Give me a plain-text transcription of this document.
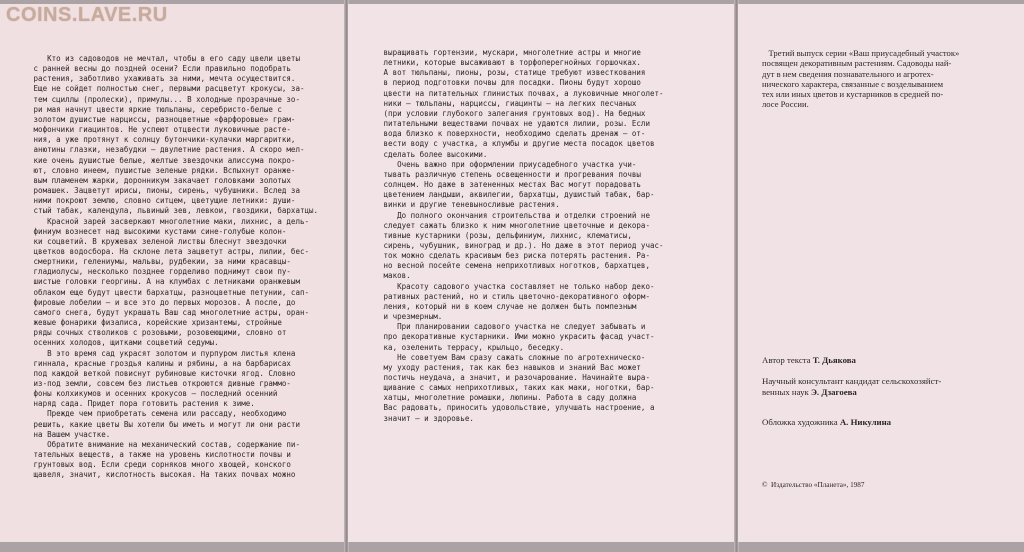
Кто из садоводов не мечтал, чтобы в его саду цвели цветы
с ранней весны до поздней осени? Если правильно подобрать
растения, заботливо ухаживать за ними, мечта осуществится.
Еще не сойдет полностью снег, первыми расцветут крокусы, за-
тем сциллы (пролески), примулы... В холодные прозрачные зо-
ри мая начнут цвести яркие тюльпаны, серебристо-белые с
золотом душистые нарциссы, разноцветные «фарфоровые» грам-
мофончики гиацинтов. Не успеют отцвести луковичные расте-
ния, а уже протянут к солнцу бутончики-кулачки маргаритки,
анютины глазки, незабудки — двулетние растения. А скоро мел-
кие очень душистые белые, желтые звездочки алиссума покро-
ют, словно инеем, пушистые зеленые рядки. Вспыхнут оранже-
вым пламенем жарки, доронникум закачает головками золотых
ромашек. Зацветут ирисы, пионы, сирень, чубушники. Вслед за
ними покроют землю, словно ситцем, цветущие летники: души-
стый табак, календула, львиный зев, левкои, гвоздики, бархатцы.
Красной зарей засверкают многолетние маки, лихнис, а дель-
финиум вознесет над высокими кустами сине-голубые колон-
ки соцветий. В кружевах зеленой листвы блеснут звездочки
цветков водосбора. На склоне лета зацветут астры, лилии, бес-
смертники, гелениумы, мальвы, рудбекии, за ними красавцы-
гладиолусы, несколько позднее горделиво поднимут свои пу-
шистые головки георгины. А на клумбах с летниками оранжевым
облаком еще будут цвести бархатцы, разноцветные петунии, сап-
фировые лобелии — и все это до первых морозов. А после, до
самого снега, будут украшать Ваш сад многолетние астры, оран-
жевые фонарики физалиса, корейские хризантемы, стройные
ряды сочных стволиков с розовыми, розовеющими, словно от
осенних холодов, щитками соцветий седумы.
В это время сад украсят золотом и пурпуром листья клена
гиннала, красные гроздья калины и рябины, а на барбарисах
под каждой веткой повиснут рубиновые кисточки ягод. Словно
из-под земли, совсем без листьев откроются дивные граммо-
фоны колхикумов и осенних крокусов — последний осенний
наряд сада. Придет пора готовить растения к зиме.
Прежде чем приобретать семена или рассаду, необходимо
решить, какие цветы Вы хотели бы иметь и могут ли они расти
на Вашем участке.
Обратите внимание на механический состав, содержание пи-
тательных веществ, а также на уровень кислотности почвы и
грунтовых вод. Если среди сорняков много хвощей, конского
щавеля, значит, кислотность высокая. На таких почвах можно
выращивать гортензии, мускари, многолетние астры и многие
летники, которые высаживают в торфоперегнойных горшочках.
А вот тюльпаны, пионы, розы, статице требуют известкования
в период подготовки почвы для посадки. Пионы будут хорошо
цвести на питательных глинистых почвах, а луковичные многолет-
ники — тюльпаны, нарциссы, гиацинты — на легких песчаных
(при условии глубокого залегания грунтовых вод). На бедных
питательными веществами почвах не удаются лилии, розы. Если
вода близко к поверхности, необходимо сделать дренаж — от-
вести воду с участка, а клумбы и другие места посадок цветов
сделать более высокими.
Очень важно при оформлении приусадебного участка учи-
тывать различную степень освещенности и прогревания почвы
солнцем. Но даже в затененных местах Вас могут порадовать
цветением ландыши, аквилегии, бархатцы, душистый табак, бар-
винки и другие теневыносливые растения.
До полного окончания строительства и отделки строений не
следует сажать близко к ним многолетние цветочные и декора-
тивные кустарники (розы, дельфиниум, лихнис, клематисы,
сирень, чубушник, виноград и др.). Но даже в этот период учас-
ток можно сделать красивым без риска потерять растения. Ра-
но весной посейте семена неприхотливых ноготков, бархатцев,
маков.
Красоту садового участка составляет не только набор деко-
ративных растений, но и стиль цветочно-декоративного оформ-
ления, который ни в коем случае не должен быть помпезным
и чрезмерным.
При планировании садового участка не следует забывать и
про декоративные кустарники. Ими можно украсить фасад участ-
ка, озеленить террасу, крыльцо, беседку.
Не советуем Вам сразу сажать сложные по агротехническо-
му уходу растения, так как без навыков и знаний Вас может
постичь неудача, а значит, и разочарование. Начинайте выра-
щивание с самых неприхотливых, таких как маки, ноготки, бар-
хатцы, многолетние ромашки, люпины. Работа в саду должна
Вас радовать, приносить удовольствие, улучшать настроение, а
значит — и здоровье.
Третий выпуск серии «Ваш приусадебный участок»
посвящен декоративным растениям. Садоводы най-
дут в нем сведения познавательного и агротех-
нического характера, связанные с возделыванием
тех или иных цветов и кустарников в средней по-
лосе России.
Автор текста Т. Дьякова
Научный консультант кандидат сельскохозяйст-
венных наук Э. Дзагоева
Обложка художника А. Никулина
©  Издательство «Планета», 1987
COINS.LAVE.RU
